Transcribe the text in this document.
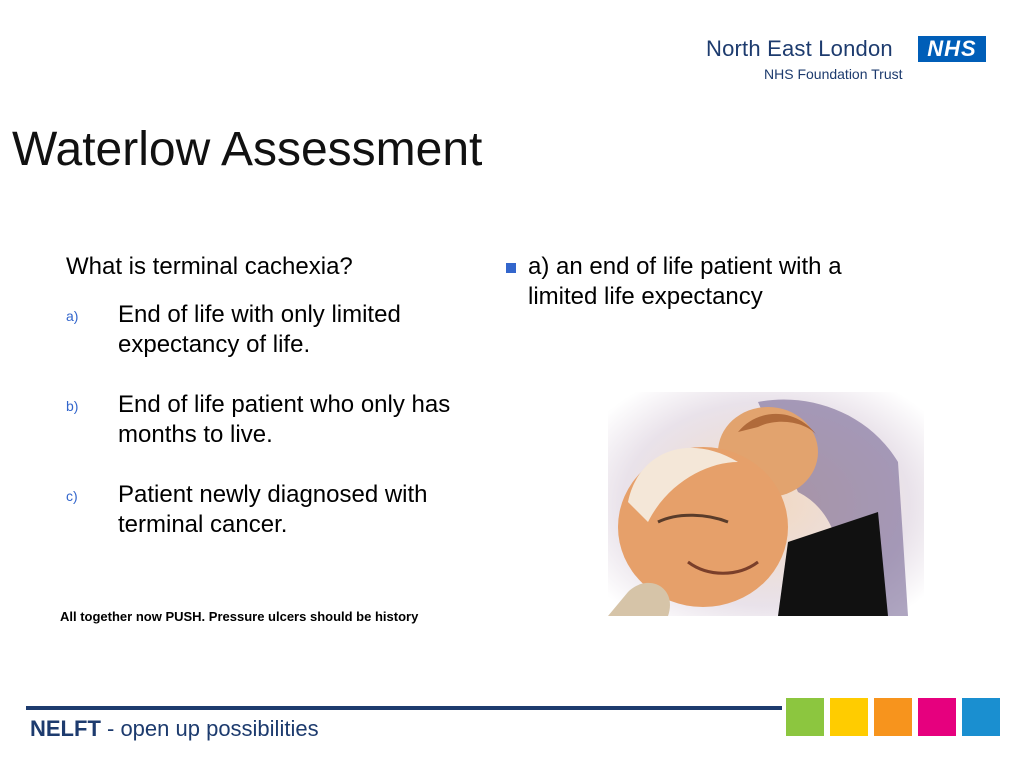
North East London
NHS Foundation Trust
NHS
Waterlow Assessment
What is terminal cachexia?
a) End of life with only limited expectancy of life.
b) End of life patient who only has months to live.
c) Patient newly diagnosed with terminal cancer.
All together now PUSH. Pressure ulcers should be history
a) an end of life patient with a limited life expectancy
NELFT - open up possibilities
